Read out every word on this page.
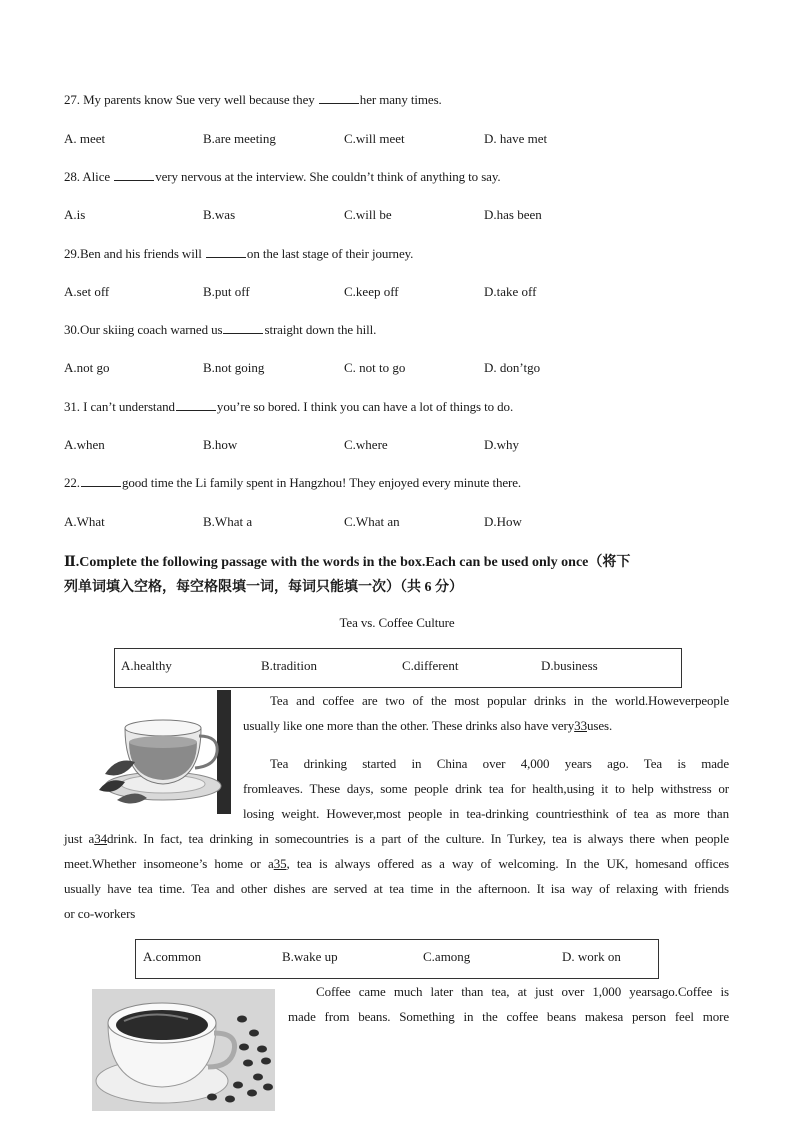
27. My parents know Sue very well because they	her many times.
A. meet	B.are meeting	C.will meet	D. have met
28. Alice	very nervous at the interview. She couldn’t think of anything to say.
A.is	B.was	C.will be	D.has been
29.Ben and his friends will	on the last stage of their journey.
A.set off	B.put off	C.keep off	D.take off
30.Our skiing coach warned us	straight down the hill.
A.not go	B.not going	C. not to go	D. don’tgo
31. I can’t understand	you’re so bored. I think you can have a lot of things to do.
A.when	B.how	C.where	D.why
22.	good time the Li family spent in Hangzhou! They enjoyed every minute there.
A.What	B.What a	C.What an	D.How
Ⅱ.Complete the following passage with the words in the box.Each can be used only once（将下
列单词填入空格，每空格限填一词，每词只能填一次）（共 6 分）
Tea vs. Coffee Culture
A.healthy	B.tradition	C.different	D.business
Tea and coffee are two of the most popular drinks in the world.Howeverpeople
usually like one more than the other. These drinks also have very33uses.
Tea drinking started in China over 4,000 years ago. Tea is made
fromleaves. These days, some people drink tea for health,using it to help withstress or
losing weight. However,most people in tea-drinking countriesthink of tea as more than
just a34drink. In fact, tea drinking in somecountries is a part of the culture. In Turkey, tea is always there when people
meet.Whether insomeone’s home or a35, tea is always offered as a way of welcoming. In the UK, homesand offices
usually have tea time. Tea and other dishes are served at tea time in the afternoon. It isa way of relaxing with friends
or co-workers
A.common	B.wake up	C.among	D. work on
Coffee came much later than tea, at just over 1,000 yearsago.Coffee is
made from beans. Something in the coffee beans makesa person feel more
